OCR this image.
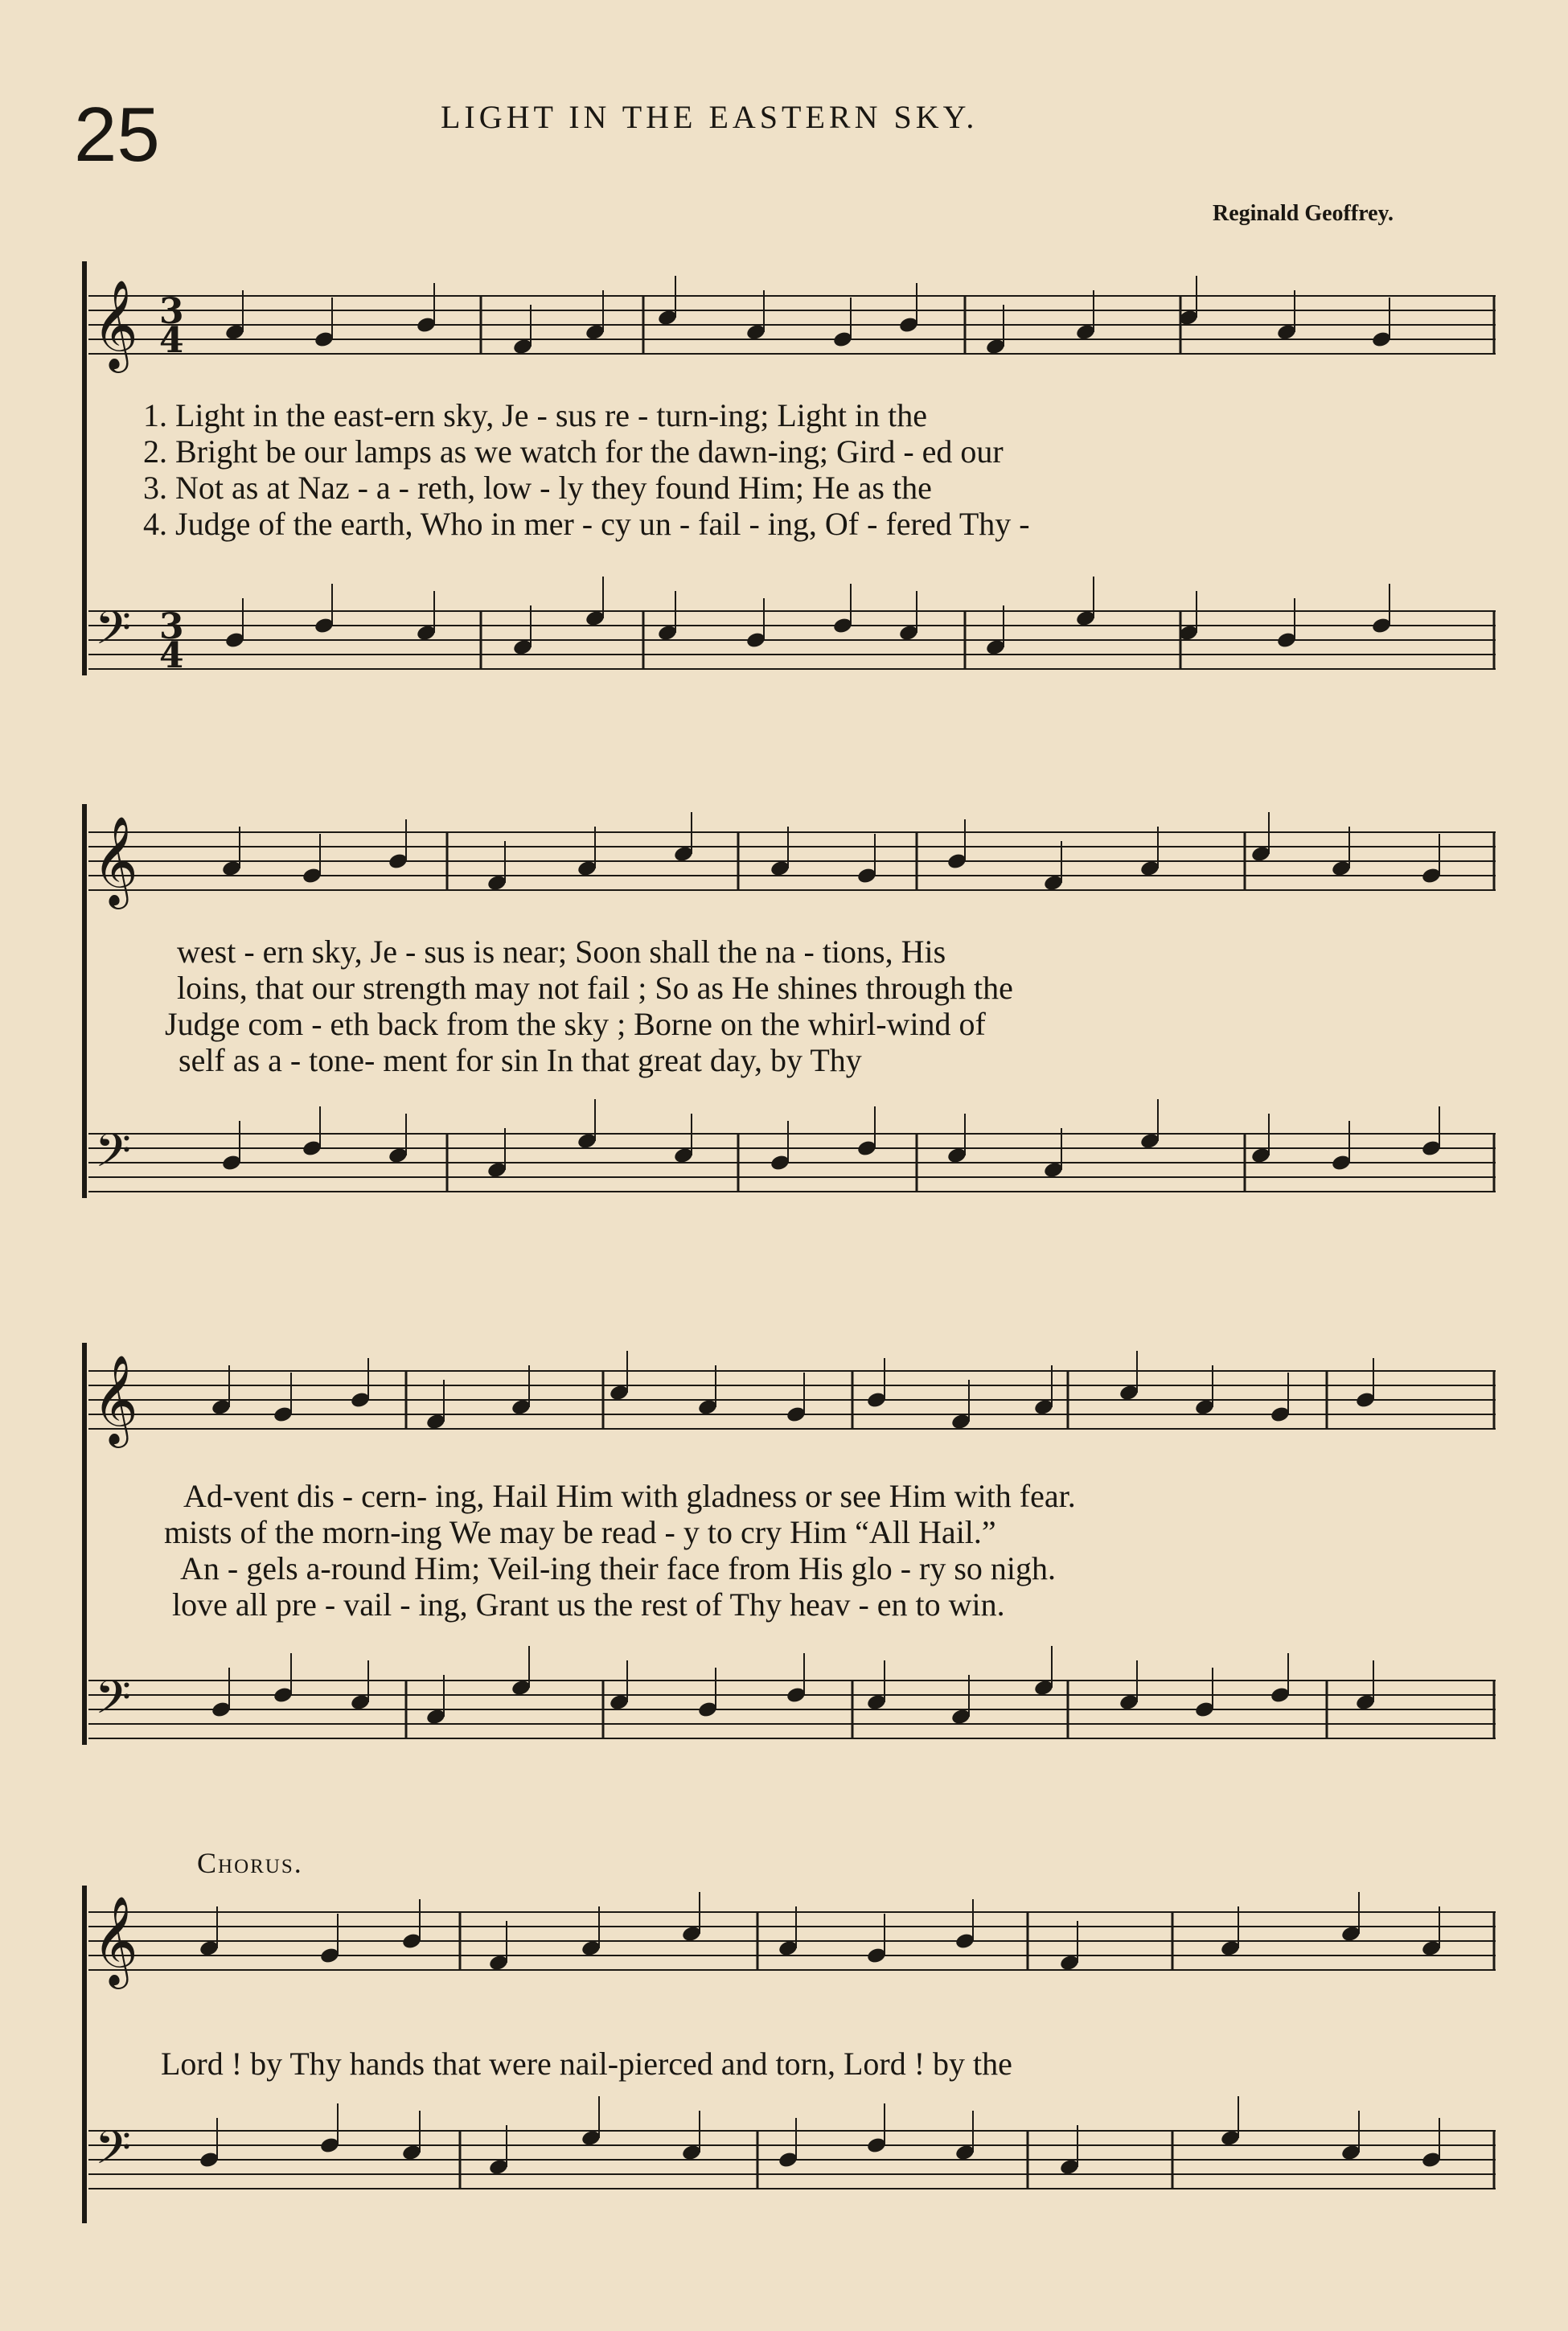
25	LIGHT IN THE EASTERN SKY.
Reginald Geoffrey.
𝄞
𝄢
3
4
3
4
𝄞
𝄢
𝄞
𝄢
𝄞
𝄢
1. Light in the east-ern sky, Je - sus re - turn-ing; Light in the
2. Bright be our lamps as we watch for the dawn-ing; Gird - ed our
3. Not as at Naz - a - reth, low - ly they found Him; He as the
4. Judge of the earth, Who in mer - cy un - fail - ing, Of - fered Thy -
west - ern sky, Je - sus is near; Soon shall the na - tions, His
loins, that our strength may not fail ; So as He shines through the
Judge com - eth back from the sky ; Borne on the whirl-wind of
self as a - tone- ment for sin In that great day, by Thy
Ad-vent dis - cern- ing, Hail Him with gladness or see Him with fear.
mists of the morn-ing We may be read - y to cry Him “All Hail.”
An - gels a-round Him; Veil-ing their face from His glo - ry so nigh.
love all pre - vail - ing, Grant us the rest of Thy heav - en to win.
Chorus.
Lord ! by Thy hands that were nail-pierced and torn, Lord ! by the
